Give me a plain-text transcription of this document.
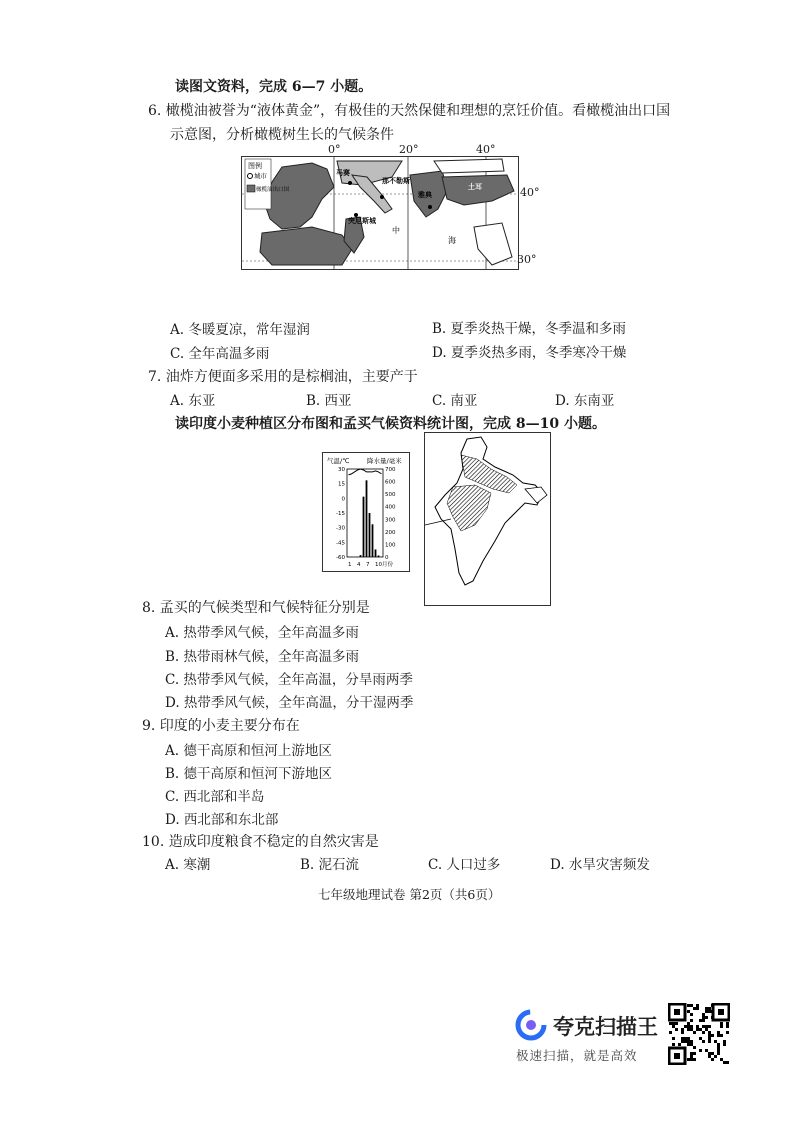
读图文资料，完成 6—7 小题。
6. 橄榄油被誉为“液体黄金”，有极佳的天然保健和理想的烹饪价值。看橄榄油出口国
示意图，分析橄榄树生长的气候条件
图例
城市
橄榄油出口国
马赛
那不勒斯
突尼斯城
雅典
中
海
土耳
0°	20°	40°
40°
30°
A. 冬暖夏凉，常年湿润	B. 夏季炎热干燥，冬季温和多雨
C. 全年高温多雨	D. 夏季炎热多雨，冬季寒冷干燥
7. 油炸方便面多采用的是棕榈油，主要产于
A. 东亚	B. 西亚	C. 南亚	D. 东南亚
读印度小麦种植区分布图和孟买气候资料统计图，完成 8—10 小题。
气温/℃	降水量/毫米
30
15
0
-15
-30
-45
-60
700
600
500
400
300
200
100
0
1 4 7 10月份
8. 孟买的气候类型和气候特征分别是
A. 热带季风气候，全年高温多雨
B. 热带雨林气候，全年高温多雨
C. 热带季风气候，全年高温，分旱雨两季
D. 热带季风气候，全年高温，分干湿两季
9. 印度的小麦主要分布在
A. 德干高原和恒河上游地区
B. 德干高原和恒河下游地区
C. 西北部和半岛
D. 西北部和东北部
10. 造成印度粮食不稳定的自然灾害是
A. 寒潮	B. 泥石流	C. 人口过多	D. 水旱灾害频发
七年级地理试卷 第2页（共6页）
夸克扫描王
极速扫描，就是高效
